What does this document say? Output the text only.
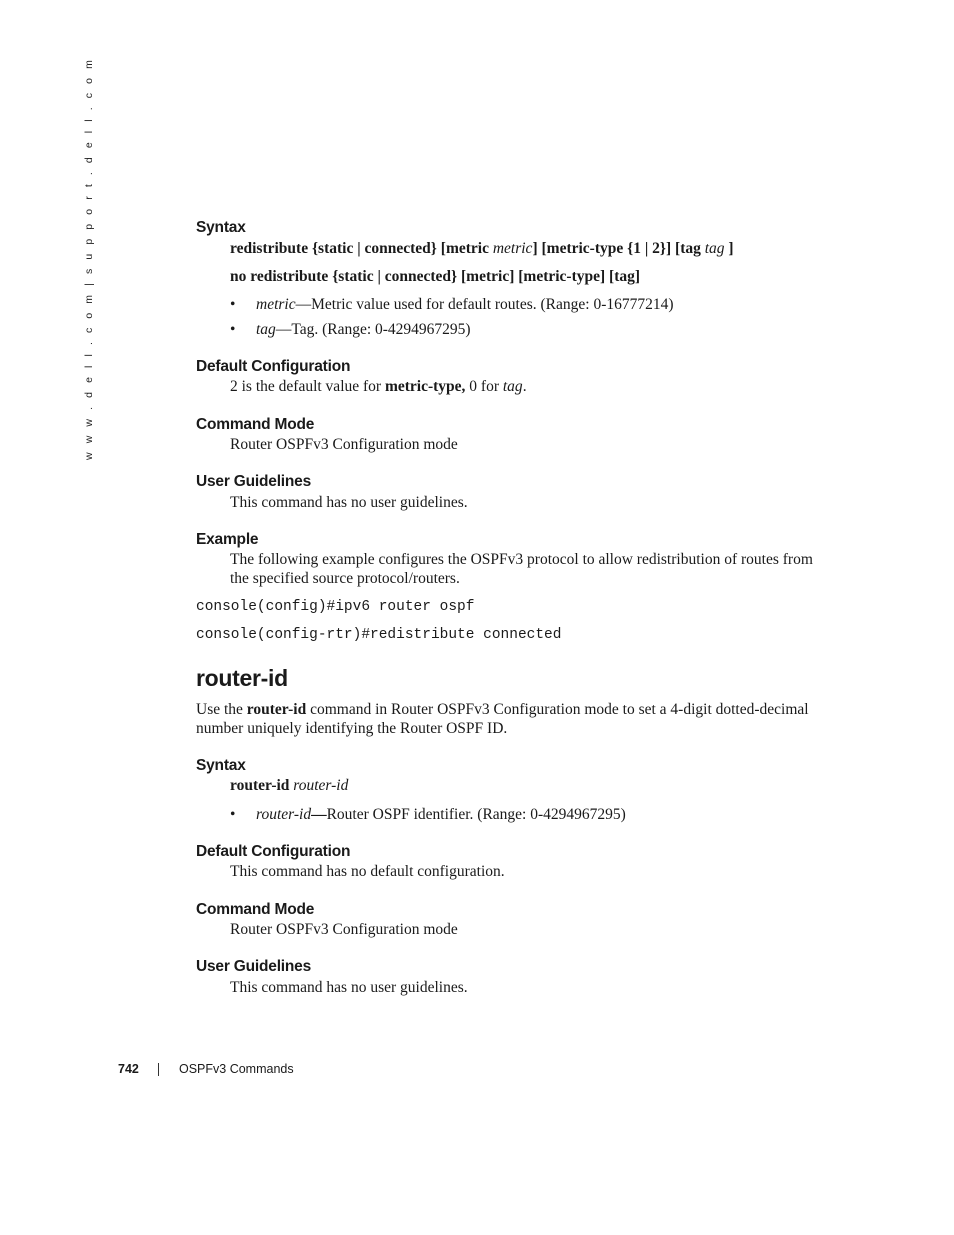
w w w . d e l l . c o m | s u p p o r t . d e l l . c o m	Syntax
redistribute {static | connected} [metric metric] [metric-type {1 | 2}] [tag tag ]
no redistribute {static | connected} [metric] [metric-type] [tag]
• metric—Metric value used for default routes. (Range: 0-16777214)
• tag—Tag. (Range: 0-4294967295)
Default Configuration
2 is the default value for metric-type, 0 for tag.
Command Mode
Router OSPFv3 Configuration mode
User Guidelines
This command has no user guidelines.
Example
The following example configures the OSPFv3 protocol to allow redistribution of routes from
the specified source protocol/routers.
console(config)#ipv6 router ospf
console(config-rtr)#redistribute connected
router-id
Use the router-id command in Router OSPFv3 Configuration mode to set a 4-digit dotted-decimal
number uniquely identifying the Router OSPF ID.
Syntax
router-id router-id
• router-id—Router OSPF identifier. (Range: 0-4294967295)
Default Configuration
This command has no default configuration.
Command Mode
Router OSPFv3 Configuration mode
User Guidelines
This command has no user guidelines.
742	OSPFv3 Commands
